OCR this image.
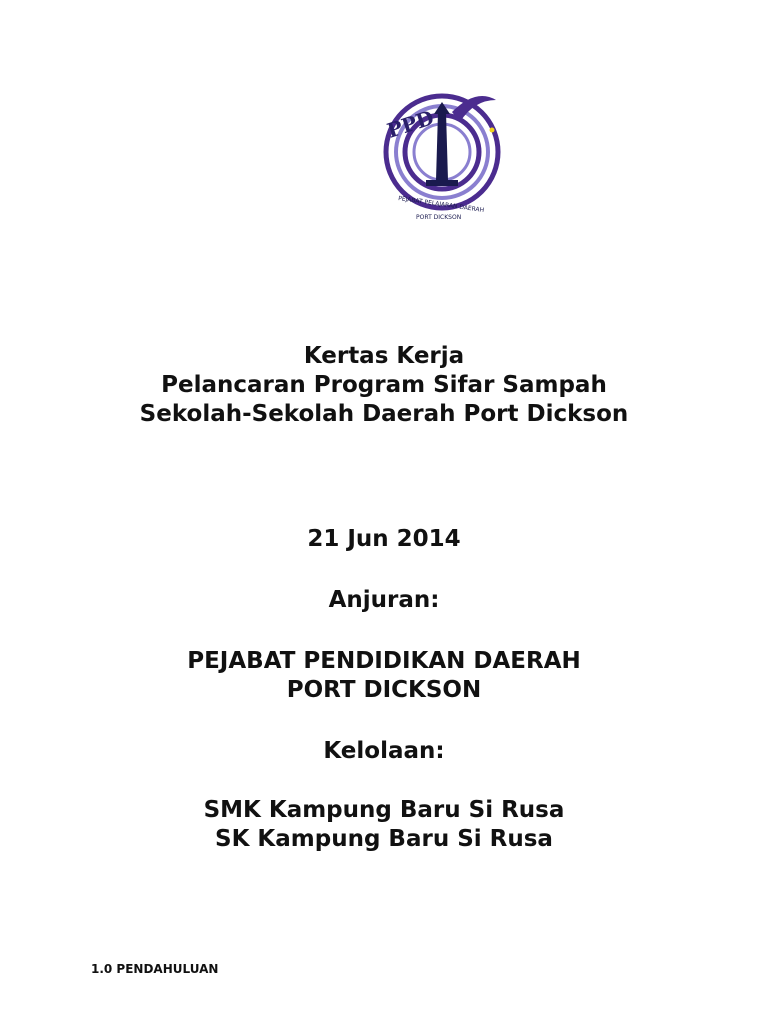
PPD
PEJABAT PELAJARAN DAERAH
PORT DICKSON
Kertas Kerja
Pelancaran Program Sifar Sampah
Sekolah-Sekolah Daerah Port Dickson
21 Jun 2014
Anjuran:
PEJABAT PENDIDIKAN DAERAH
PORT DICKSON
Kelolaan:
SMK Kampung Baru Si Rusa
SK Kampung Baru Si Rusa
1.0 PENDAHULUAN
